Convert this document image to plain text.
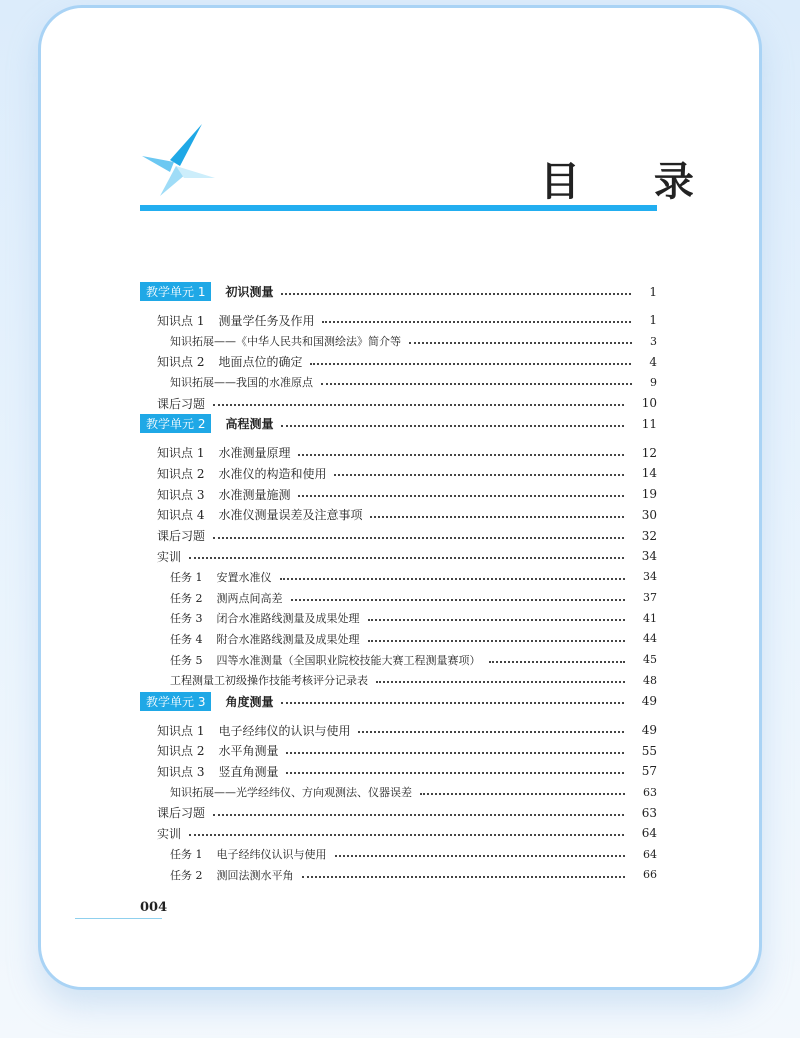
目 录
教学单元 1	初识测量	1
知识点 1 测量学任务及作用	1
知识拓展——《中华人民共和国测绘法》简介等	3
知识点 2 地面点位的确定	4
知识拓展——我国的水准原点	9
课后习题	10
教学单元 2	高程测量	11
知识点 1 水准测量原理	12
知识点 2 水准仪的构造和使用	14
知识点 3 水准测量施测	19
知识点 4 水准仪测量误差及注意事项	30
课后习题	32
实训	34
任务 1 安置水准仪	34
任务 2 测两点间高差	37
任务 3 闭合水准路线测量及成果处理	41
任务 4 附合水准路线测量及成果处理	44
任务 5 四等水准测量（全国职业院校技能大赛工程测量赛项）	45
工程测量工初级操作技能考核评分记录表	48
教学单元 3	角度测量	49
知识点 1 电子经纬仪的认识与使用	49
知识点 2 水平角测量	55
知识点 3 竖直角测量	57
知识拓展——光学经纬仪、方向观测法、仪器误差	63
课后习题	63
实训	64
任务 1 电子经纬仪认识与使用	64
任务 2 测回法测水平角	66
004
